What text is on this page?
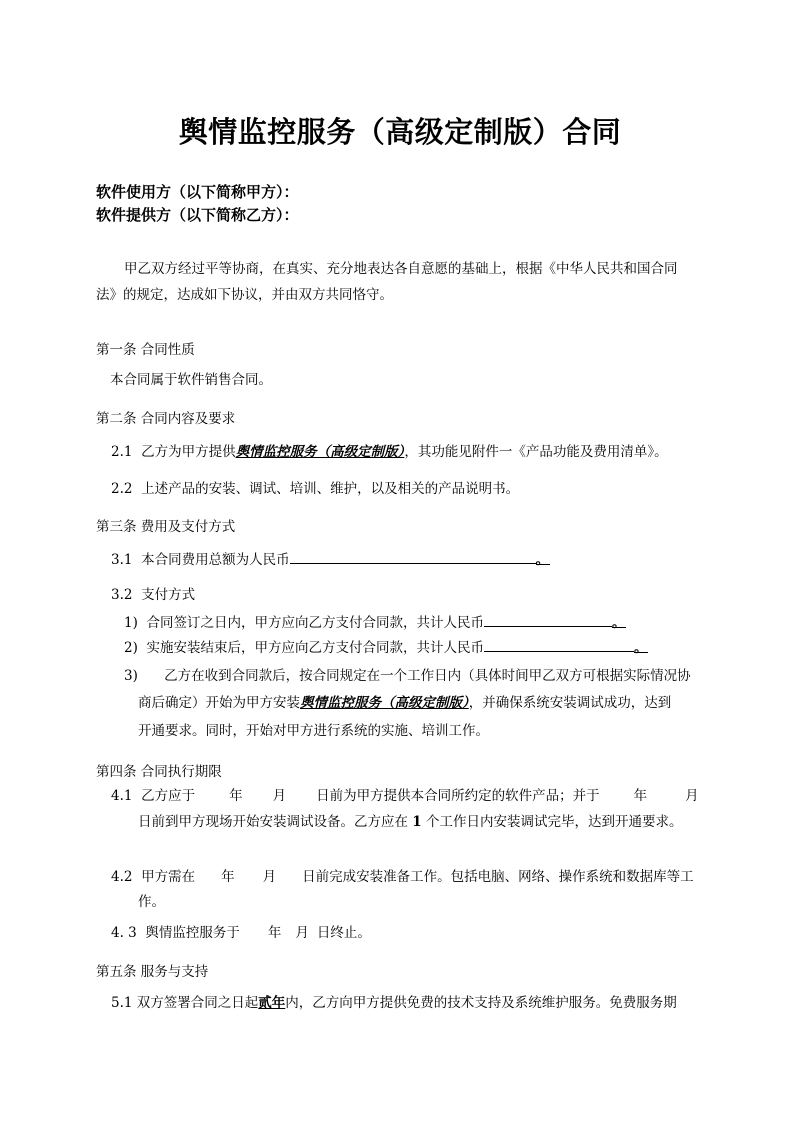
舆情监控服务（高级定制版）合同

软件使用方（以下简称甲方）：

软件提供方（以下简称乙方）：

甲乙双方经过平等协商，在真实、充分地表达各自意愿的基础上，根据《中华人民共和国合同

法》的规定，达成如下协议，并由双方共同恪守。

第一条 合同性质

本合同属于软件销售合同。

第二条 合同内容及要求

2.1 乙方为甲方提供舆情监控服务（高级定制版），其功能见附件一《产品功能及费用清单》。

2.2 上述产品的安装、调试、培训、维护，以及相关的产品说明书。

第三条 费用及支付方式

3.1 本合同费用总额为人民币	。

3.2 支付方式

1) 合同签订之日内，甲方应向乙方支付合同款，共计人民币	。

2) 实施安装结束后，甲方应向乙方支付合同款，共计人民币	。

3) 乙方在收到合同款后，按合同规定在一个工作日内（具体时间甲乙双方可根据实际情况协

商后确定）开始为甲方安装舆情监控服务（高级定制版），并确保系统安装调试成功，达到

开通要求。同时，开始对甲方进行系统的实施、培训工作。

第四条 合同执行期限

4.1 乙方应于	年 月 日前为甲方提供本合同所约定的软件产品；并于	年	月

日前到甲方现场开始安装调试设备。乙方应在 1 个工作日内安装调试完毕，达到开通要求。

4.2 甲方需在 年 月 日前完成安装准备工作。包括电脑、网络、操作系统和数据库等工

作。

4. 3 舆情监控服务于 年 月 日终止。

第五条 服务与支持

5.1 双方签署合同之日起贰年内，乙方向甲方提供免费的技术支持及系统维护服务。免费服务期
